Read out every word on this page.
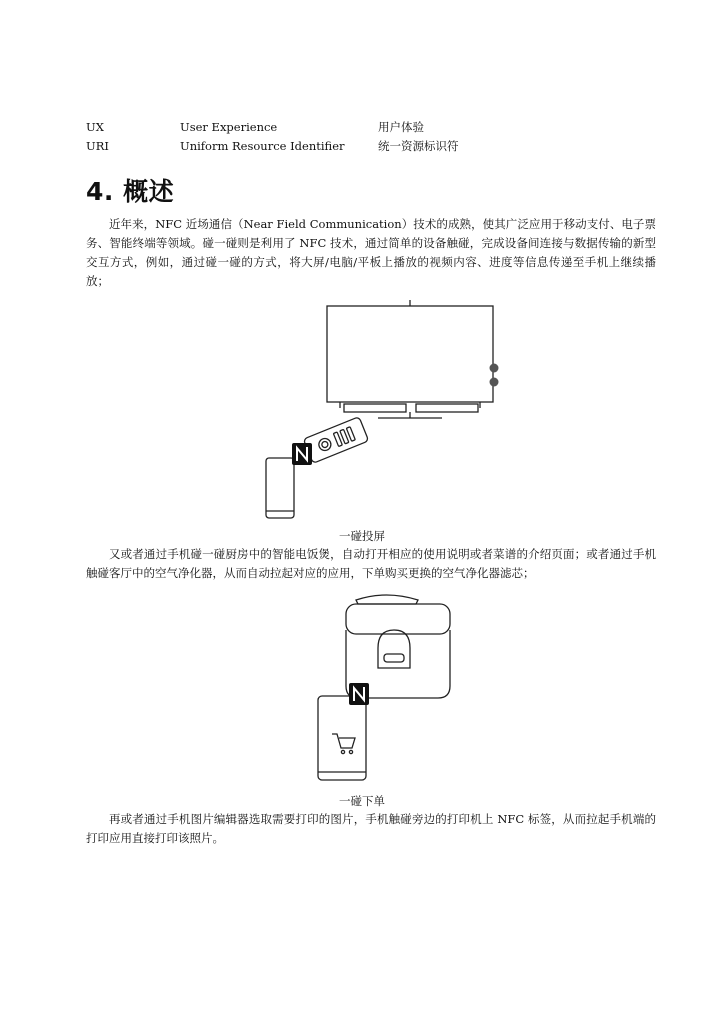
UX	User Experience	用户体验
URI	Uniform Resource Identifier	统一资源标识符
4. 概述

近年来，NFC 近场通信（Near Field Communication）技术的成熟，使其广泛应用于移动支付、电子票务、智能终端等领域。碰一碰则是利用了 NFC 技术，通过简单的设备触碰，完成设备间连接与数据传输的新型交互方式，例如，通过碰一碰的方式，将大屏/电脑/平板上播放的视频内容、进度等信息传递至手机上继续播放；

一碰投屏

又或者通过手机碰一碰厨房中的智能电饭煲，自动打开相应的使用说明或者菜谱的介绍页面；或者通过手机触碰客厅中的空气净化器，从而自动拉起对应的应用，下单购买更换的空气净化器滤芯；

一碰下单

再或者通过手机图片编辑器选取需要打印的图片，手机触碰旁边的打印机上 NFC 标签，从而拉起手机端的打印应用直接打印该照片。
